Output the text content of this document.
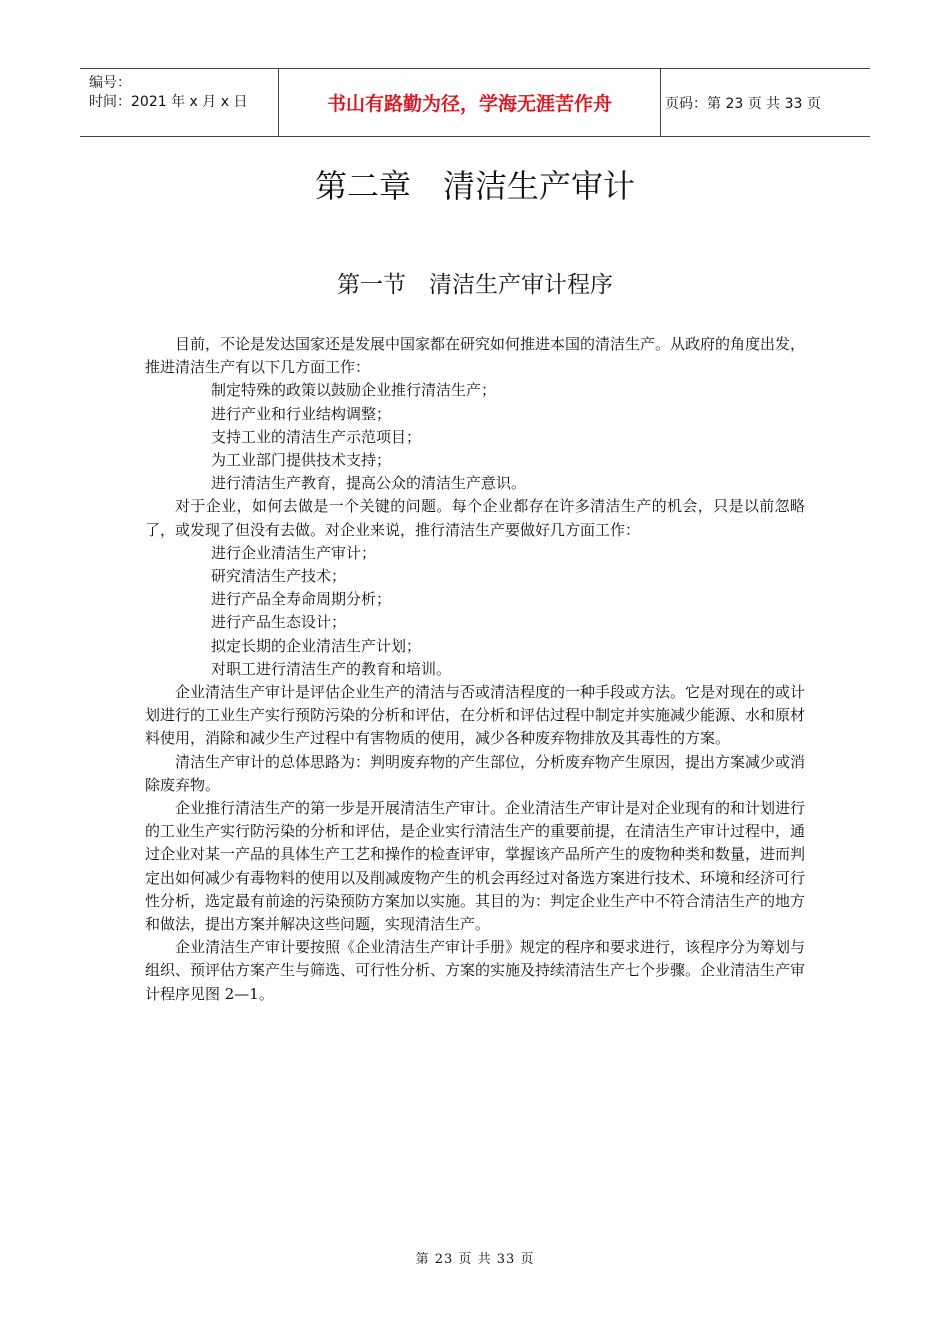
编号：
时间：2021 年 x 月 x 日	书山有路勤为径，学海无涯苦作舟	页码：第 23 页 共 33 页
第二章　清洁生产审计
第一节　清洁生产审计程序

目前，不论是发达国家还是发展中国家都在研究如何推进本国的清洁生产。从政府的角度出发，推进清洁生产有以下几方面工作：

制定特殊的政策以鼓励企业推行清洁生产；

进行产业和行业结构调整；

支持工业的清洁生产示范项目；

为工业部门提供技术支持；

进行清洁生产教育，提高公众的清洁生产意识。

对于企业，如何去做是一个关键的问题。每个企业都存在许多清洁生产的机会，只是以前忽略了，或发现了但没有去做。对企业来说，推行清洁生产要做好几方面工作：

进行企业清洁生产审计；

研究清洁生产技术；

进行产品全寿命周期分析；

进行产品生态设计；

拟定长期的企业清洁生产计划；

对职工进行清洁生产的教育和培训。

企业清洁生产审计是评估企业生产的清洁与否或清洁程度的一种手段或方法。它是对现在的或计划进行的工业生产实行预防污染的分析和评估，在分析和评估过程中制定并实施减少能源、水和原材料使用，消除和减少生产过程中有害物质的使用，减少各种废弃物排放及其毒性的方案。

清洁生产审计的总体思路为：判明废弃物的产生部位，分析废弃物产生原因，提出方案减少或消除废弃物。

企业推行清洁生产的第一步是开展清洁生产审计。企业清洁生产审计是对企业现有的和计划进行的工业生产实行防污染的分析和评估，是企业实行清洁生产的重要前提，在清洁生产审计过程中，通过企业对某一产品的具体生产工艺和操作的检查评审，掌握该产品所产生的废物种类和数量，进而判定出如何减少有毒物料的使用以及削减废物产生的机会再经过对备选方案进行技术、环境和经济可行性分析，选定最有前途的污染预防方案加以实施。其目的为：判定企业生产中不符合清洁生产的地方和做法，提出方案并解决这些问题，实现清洁生产。

企业清洁生产审计要按照《企业清洁生产审计手册》规定的程序和要求进行，该程序分为筹划与组织、预评估方案产生与筛选、可行性分析、方案的实施及持续清洁生产七个步骤。企业清洁生产审计程序见图 2—1。

第 23 页 共 33 页
